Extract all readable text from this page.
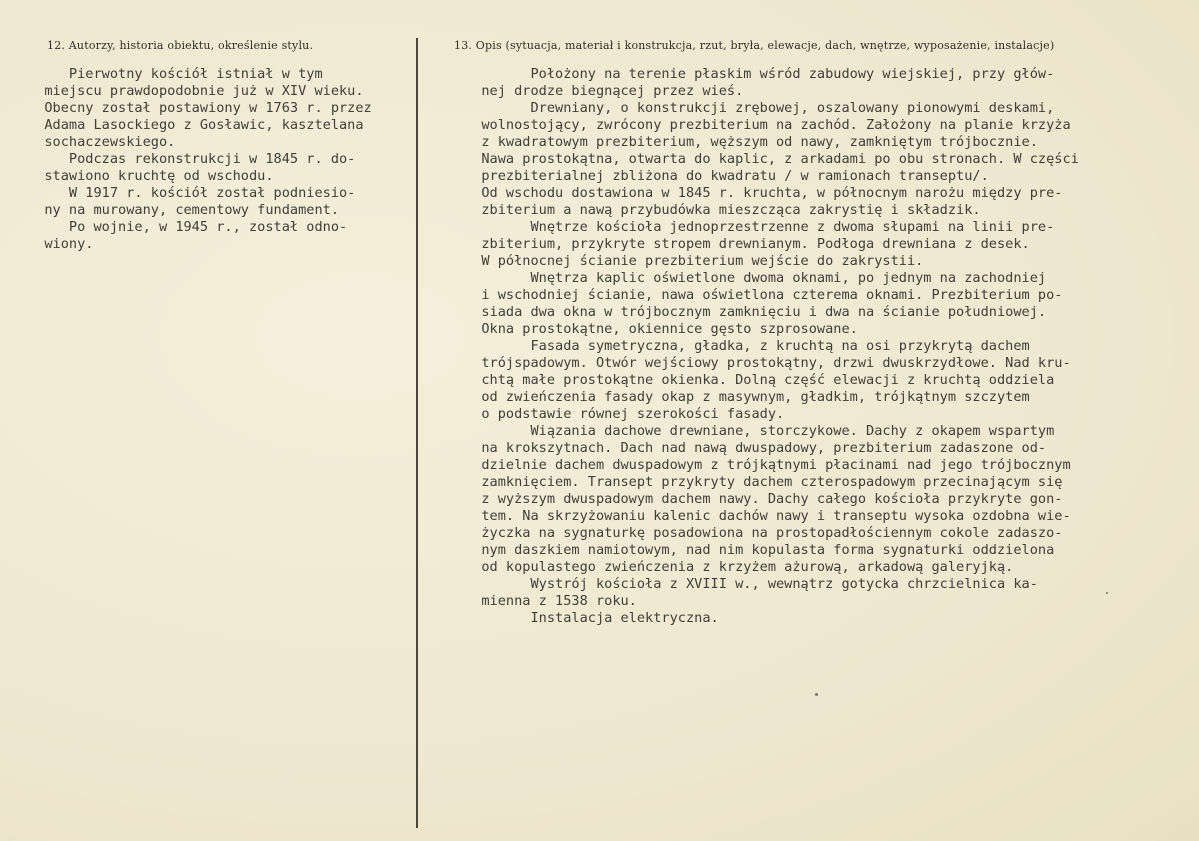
12. Autorzy, historia obiektu, określenie stylu.	13. Opis (sytuacja, materiał i konstrukcja, rzut, bryła, elewacje, dach, wnętrze, wyposażenie, instalacje)
Pierwotny kościół istniał w tym
miejscu prawdopodobnie już w XIV wieku.
Obecny został postawiony w 1763 r. przez
Adama Lasockiego z Gosławic, kasztelana
sochaczewskiego.
Podczas rekonstrukcji w 1845 r. do-
stawiono kruchtę od wschodu.
W 1917 r. kościół został podniesio-
ny na murowany, cementowy fundament.
Po wojnie, w 1945 r., został odno-
wiony.
Położony na terenie płaskim wśród zabudowy wiejskiej, przy głów-
nej drodze biegnącej przez wieś.
Drewniany, o konstrukcji zrębowej, oszalowany pionowymi deskami,
wolnostojący, zwrócony prezbiterium na zachód. Założony na planie krzyża
z kwadratowym prezbiterium, węższym od nawy, zamkniętym trójbocznie.
Nawa prostokątna, otwarta do kaplic, z arkadami po obu stronach. W części
prezbiterialnej zbliżona do kwadratu / w ramionach transeptu/.
Od wschodu dostawiona w 1845 r. kruchta, w północnym narożu między pre-
zbiterium a nawą przybudówka mieszcząca zakrystię i składzik.
Wnętrze kościoła jednoprzestrzenne z dwoma słupami na linii pre-
zbiterium, przykryte stropem drewnianym. Podłoga drewniana z desek.
W północnej ścianie prezbiterium wejście do zakrystii.
Wnętrza kaplic oświetlone dwoma oknami, po jednym na zachodniej
i wschodniej ścianie, nawa oświetlona czterema oknami. Prezbiterium po-
siada dwa okna w trójbocznym zamknięciu i dwa na ścianie południowej.
Okna prostokątne, okiennice gęsto szprosowane.
Fasada symetryczna, gładka, z kruchtą na osi przykrytą dachem
trójspadowym. Otwór wejściowy prostokątny, drzwi dwuskrzydłowe. Nad kru-
chtą małe prostokątne okienka. Dolną część elewacji z kruchtą oddziela
od zwieńczenia fasady okap z masywnym, gładkim, trójkątnym szczytem
o podstawie równej szerokości fasady.
Wiązania dachowe drewniane, storczykowe. Dachy z okapem wspartym
na krokszytnach. Dach nad nawą dwuspadowy, prezbiterium zadaszone od-
dzielnie dachem dwuspadowym z trójkątnymi płacinami nad jego trójbocznym
zamknięciem. Transept przykryty dachem czterospadowym przecinającym się
z wyższym dwuspadowym dachem nawy. Dachy całego kościoła przykryte gon-
tem. Na skrzyżowaniu kalenic dachów nawy i transeptu wysoka ozdobna wie-
życzka na sygnaturkę posadowiona na prostopadłościennym cokole zadaszo-
nym daszkiem namiotowym, nad nim kopulasta forma sygnaturki oddzielona
od kopulastego zwieńczenia z krzyżem ażurową, arkadową galeryjką.
Wystrój kościoła z XVIII w., wewnątrz gotycka chrzcielnica ka-
mienna z 1538 roku.
Instalacja elektryczna.
